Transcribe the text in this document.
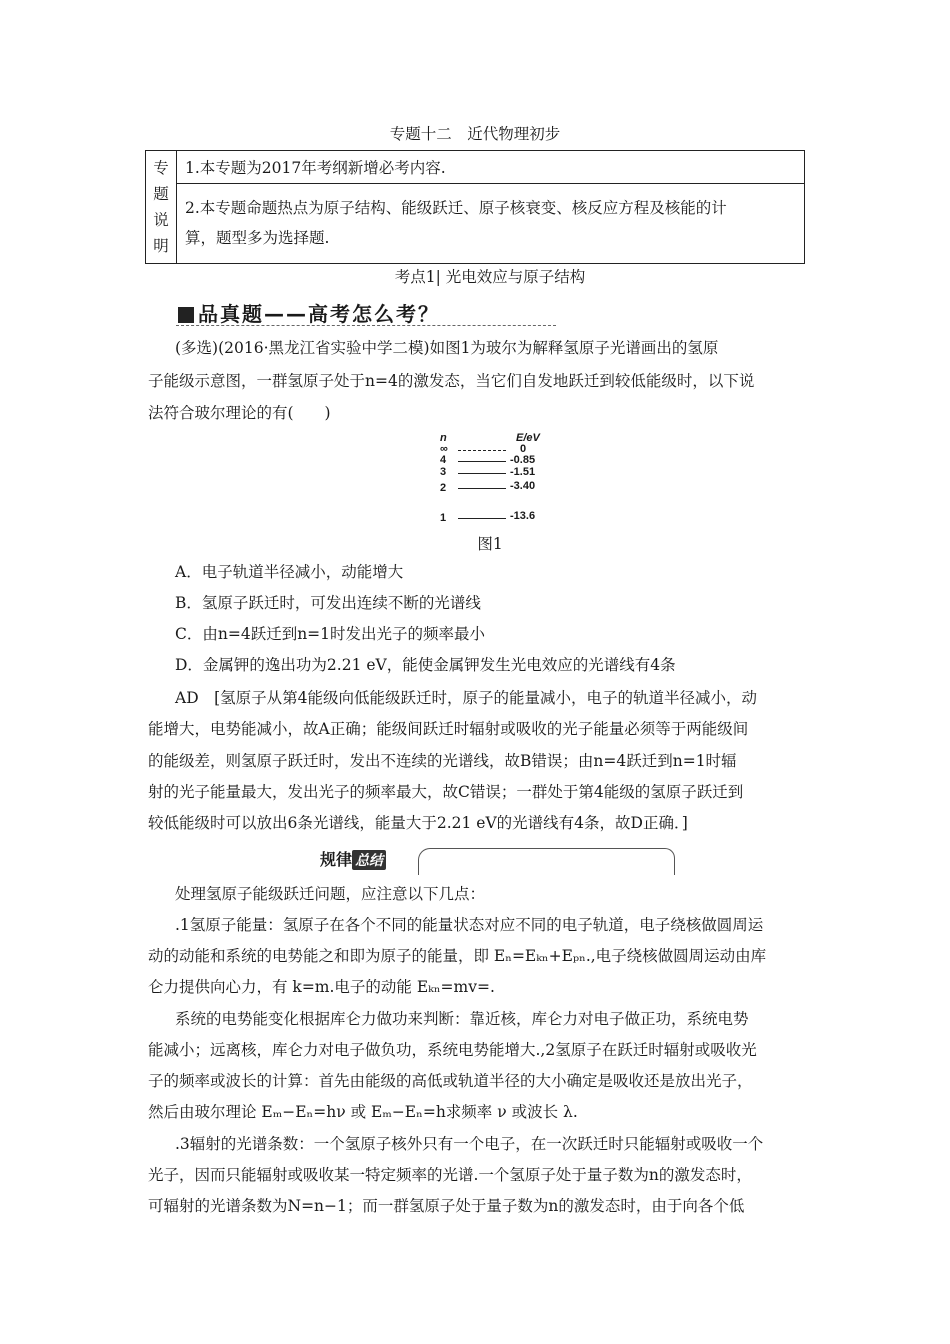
专题十二　近代物理初步
专
题
说
明	1.本专题为2017年考纲新增必考内容.
2.本专题命题热点为原子结构、能级跃迁、原子核衰变、核反应方程及核能的计
算，题型多为选择题.
考点1| 光电效应与原子结构
品真题——高考怎么考？
(多选)(2016·黑龙江省实验中学二模)如图1为玻尔为解释氢原子光谱画出的氢原
子能级示意图，一群氢原子处于n=4的激发态，当它们自发地跃迁到较低能级时，以下说
法符合玻尔理论的有(　　)
n	E/eV
∞	0
4	-0.85
3	-1.51
2	-3.40
1	-13.6
图1
A．电子轨道半径减小，动能增大
B．氢原子跃迁时，可发出连续不断的光谱线
C．由n=4跃迁到n=1时发出光子的频率最小
D．金属钾的逸出功为2.21 eV，能使金属钾发生光电效应的光谱线有4条
AD　[氢原子从第4能级向低能级跃迁时，原子的能量减小，电子的轨道半径减小，动
能增大，电势能减小，故A正确；能级间跃迁时辐射或吸收的光子能量必须等于两能级间
的能级差，则氢原子跃迁时，发出不连续的光谱线，故B错误；由n=4跃迁到n=1时辐
射的光子能量最大，发出光子的频率最大，故C错误；一群处于第4能级的氢原子跃迁到
较低能级时可以放出6条光谱线，能量大于2.21 eV的光谱线有4条，故D正确．]
规律 总结
处理氢原子能级跃迁问题，应注意以下几点：
.1氢原子能量：氢原子在各个不同的能量状态对应不同的电子轨道，电子绕核做圆周运
动的动能和系统的电势能之和即为原子的能量，即 Eₙ=Eₖₙ+Eₚₙ.,电子绕核做圆周运动由库
仑力提供向心力，有 k=m.电子的动能 Eₖₙ=mv=.
系统的电势能变化根据库仑力做功来判断：靠近核，库仑力对电子做正功，系统电势
能减小；远离核，库仑力对电子做负功，系统电势能增大.,2氢原子在跃迁时辐射或吸收光
子的频率或波长的计算：首先由能级的高低或轨道半径的大小确定是吸收还是放出光子，
然后由玻尔理论 Eₘ−Eₙ=hν 或 Eₘ−Eₙ=h求频率 ν 或波长 λ.
.3辐射的光谱条数：一个氢原子核外只有一个电子，在一次跃迁时只能辐射或吸收一个
光子，因而只能辐射或吸收某一特定频率的光谱.一个氢原子处于量子数为n的激发态时，
可辐射的光谱条数为N=n−1；而一群氢原子处于量子数为n的激发态时，由于向各个低
